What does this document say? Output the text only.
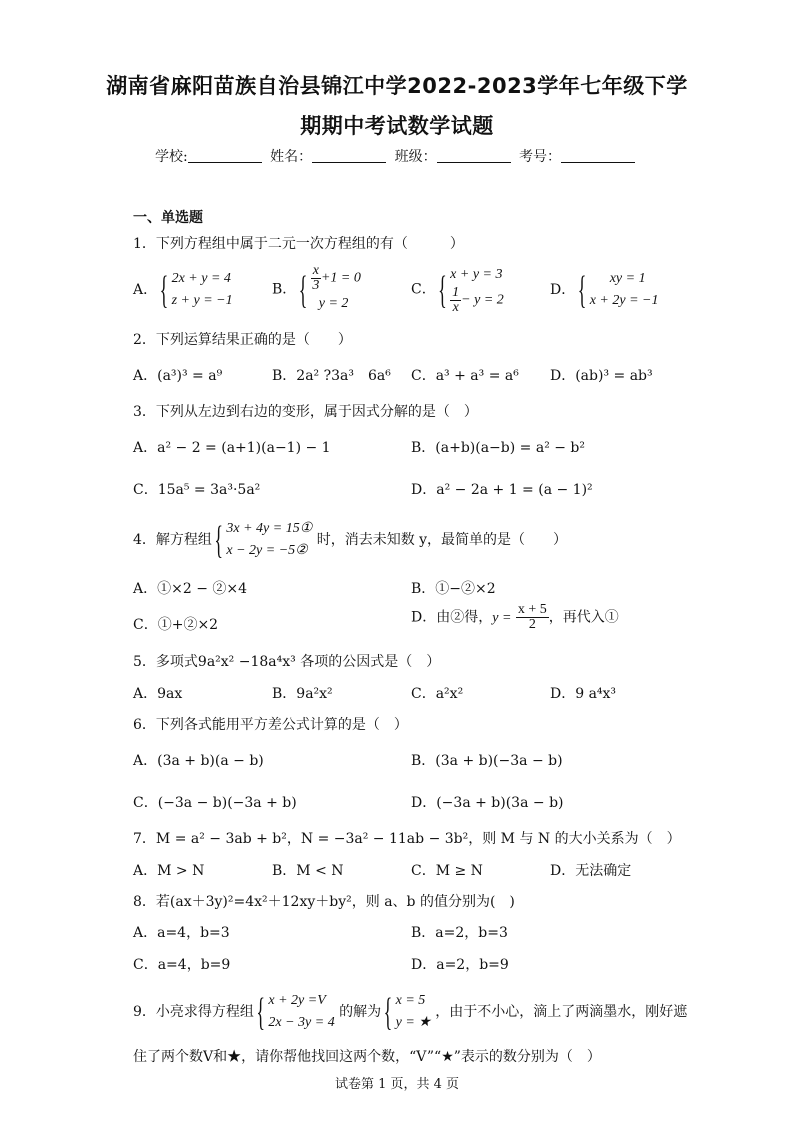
湖南省麻阳苗族自治县锦江中学2022-2023学年七年级下学
期期中考试数学试题
学校:	姓名：	班级：	考号：
一、单选题
1．下列方程组中属于二元一次方程组的有（　　　）
A．
{ 2x + y = 4
z + y = −1
B．
{ $\frac{x}{3} +1 = 0$
y = 2
C．
{ x + y = 3
$\frac{1}{x} - y = 2$
D．
{ xy = 1
x + 2y = −1
2．下列运算结果正确的是（　　）
A．(a³)³ = a⁹	B．2a² ?3a³　6a⁶ C．a³ + a³ = a⁶ D．(ab)³ = ab³
3．下列从左边到右边的变形，属于因式分解的是（　）
A．a² − 2 = (a+1)(a−1) − 1	B．(a+b)(a−b) = a² − b²
C．15a⁵ = 3a³·5a²	D．a² − 2a + 1 = (a − 1)²
4．解方程组
{ 3x + 4y = 15①
x − 2y = −5②
时，消去未知数 y，最简单的是（　　）
A．①×2 − ②×4	B．①−②×2
C．①+②×2	D．由②得，$y = \frac{x + 5}{2}$ ，再代入①
5．多项式9a²x² −18a⁴x³ 各项的公因式是（　）
A．9ax	B．9a²x²	C．a²x²	D．9 a⁴x³
6．下列各式能用平方差公式计算的是（　）
A．(3a + b)(a − b)	B．(3a + b)(−3a − b)
C．(−3a − b)(−3a + b)	D．(−3a + b)(3a − b)
7．M = a² − 3ab + b²，N = −3a² − 11ab − 3b²，则 M 与 N 的大小关系为（　）
A．M > N	B．M < N	C．M ≥ N	D．无法确定
8．若(ax＋3y)²=4x²＋12xy＋by²，则 a、b 的值分别为(　)
A．a=4，b=3	B．a=2，b=3
C．a=4，b=9	D．a=2，b=9
9．小亮求得方程组
{ x + 2y =V
2x − 3y = 4
的解为
{ x = 5
y = ★
，由于不小心，滴上了两滴墨水，刚好遮
住了两个数V和★，请你帮他找回这两个数，“V”“★”表示的数分别为（　）
试卷第 1 页，共 4 页
